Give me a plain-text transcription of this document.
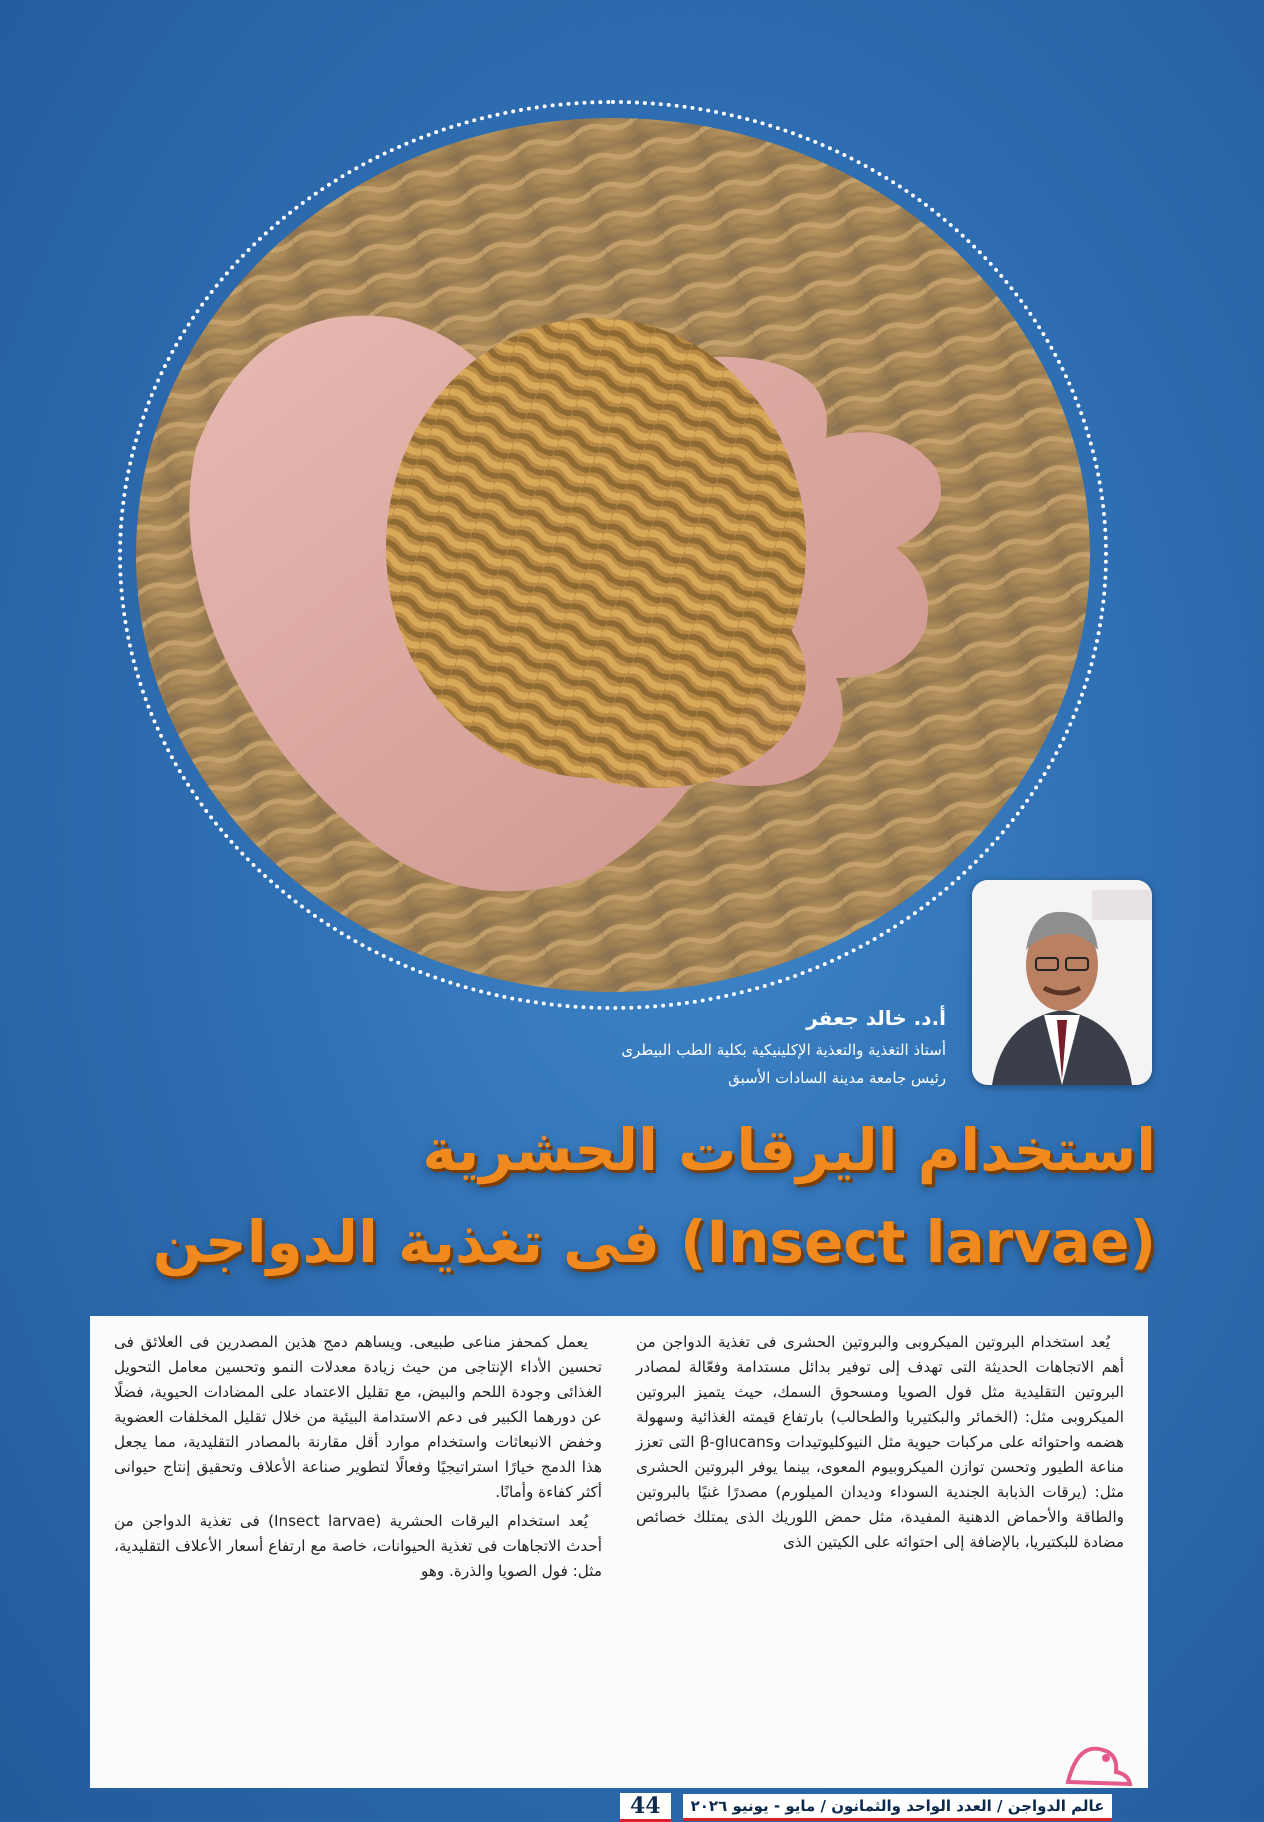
أ.د. خالد جعفر
أستاذ التغذية والتعذية الإكلينيكية بكلية الطب البيطرى
رئيس جامعة مدينة السادات الأسبق
استخدام اليرقات الحشرية
(Insect larvae) فى تغذية الدواجن

يُعد استخدام البروتين الميكروبى والبروتين الحشرى فى تغذية الدواجن من أهم الاتجاهات الحديثة التى تهدف إلى توفير بدائل مستدامة وفعّالة لمصادر البروتين التقليدية مثل فول الصويا ومسحوق السمك، حيث يتميز البروتين الميكروبى مثل: (الخمائر والبكتيريا والطحالب) بارتفاع قيمته الغذائية وسهولة هضمه واحتوائه على مركبات حيوية مثل النيوكليوتيدات وβ-glucans التى تعزز مناعة الطيور وتحسن توازن الميكروبيوم المعوى، بينما يوفر البروتين الحشرى مثل: (يرقات الذبابة الجندية السوداء وديدان الميلورم) مصدرًا غنيًا بالبروتين والطاقة والأحماض الدهنية المفيدة، مثل حمض اللوريك الذى يمتلك خصائص مضادة للبكتيريا، بالإضافة إلى احتوائه على الكيتين الذى

يعمل كمحفز مناعى طبيعى. ويساهم دمج هذين المصدرين فى العلائق فى تحسين الأداء الإنتاجى من حيث زيادة معدلات النمو وتحسين معامل التحويل الغذائى وجودة اللحم والبيض، مع تقليل الاعتماد على المضادات الحيوية، فضلًا عن دورهما الكبير فى دعم الاستدامة البيئية من خلال تقليل المخلفات العضوية وخفض الانبعاثات واستخدام موارد أقل مقارنة بالمصادر التقليدية، مما يجعل هذا الدمج خيارًا استراتيجيًا وفعالًا لتطوير صناعة الأعلاف وتحقيق إنتاج حيوانى أكثر كفاءة وأمانًا.

يُعد استخدام اليرقات الحشرية (Insect larvae) فى تغذية الدواجن من أحدث الاتجاهات فى تغذية الحيوانات، خاصة مع ارتفاع أسعار الأعلاف التقليدية، مثل: فول الصويا والذرة. وهو

عالم الدواجن / العدد الواحد والثمانون / مايو - يونيو ٢٠٢٦
44
